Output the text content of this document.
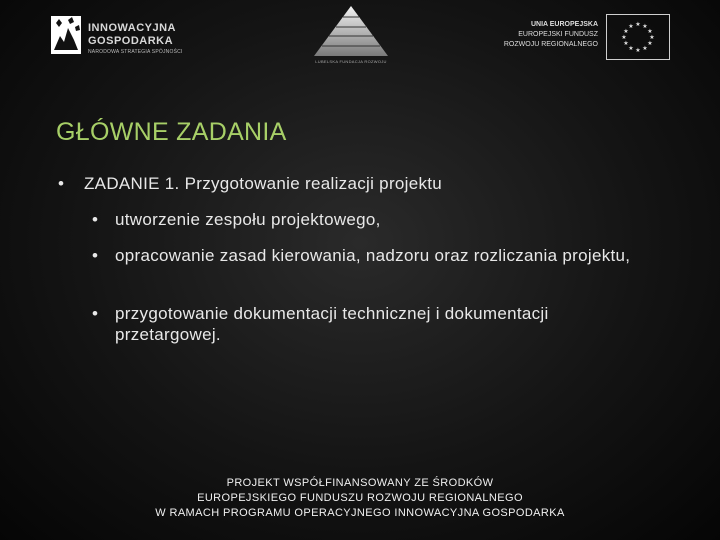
INNOWACYJNA
GOSPODARKA
NARODOWA STRATEGIA SPÓJNOŚCI
LUBELSKA FUNDACJA ROZWOJU
UNIA EUROPEJSKA
EUROPEJSKI FUNDUSZ
ROZWOJU REGIONALNEGO
★ ★
★
★
★
★
★
★
★
★
★
★
GŁÓWNE ZADANIA
• ZADANIE 1. Przygotowanie realizacji projektu
• utworzenie zespołu projektowego,
• opracowanie zasad kierowania, nadzoru oraz rozliczania projektu,
• przygotowanie dokumentacji technicznej i dokumentacji przetargowej.
PROJEKT WSPÓŁFINANSOWANY ZE ŚRODKÓW
EUROPEJSKIEGO FUNDUSZU ROZWOJU REGIONALNEGO
W RAMACH PROGRAMU OPERACYJNEGO INNOWACYJNA GOSPODARKA
